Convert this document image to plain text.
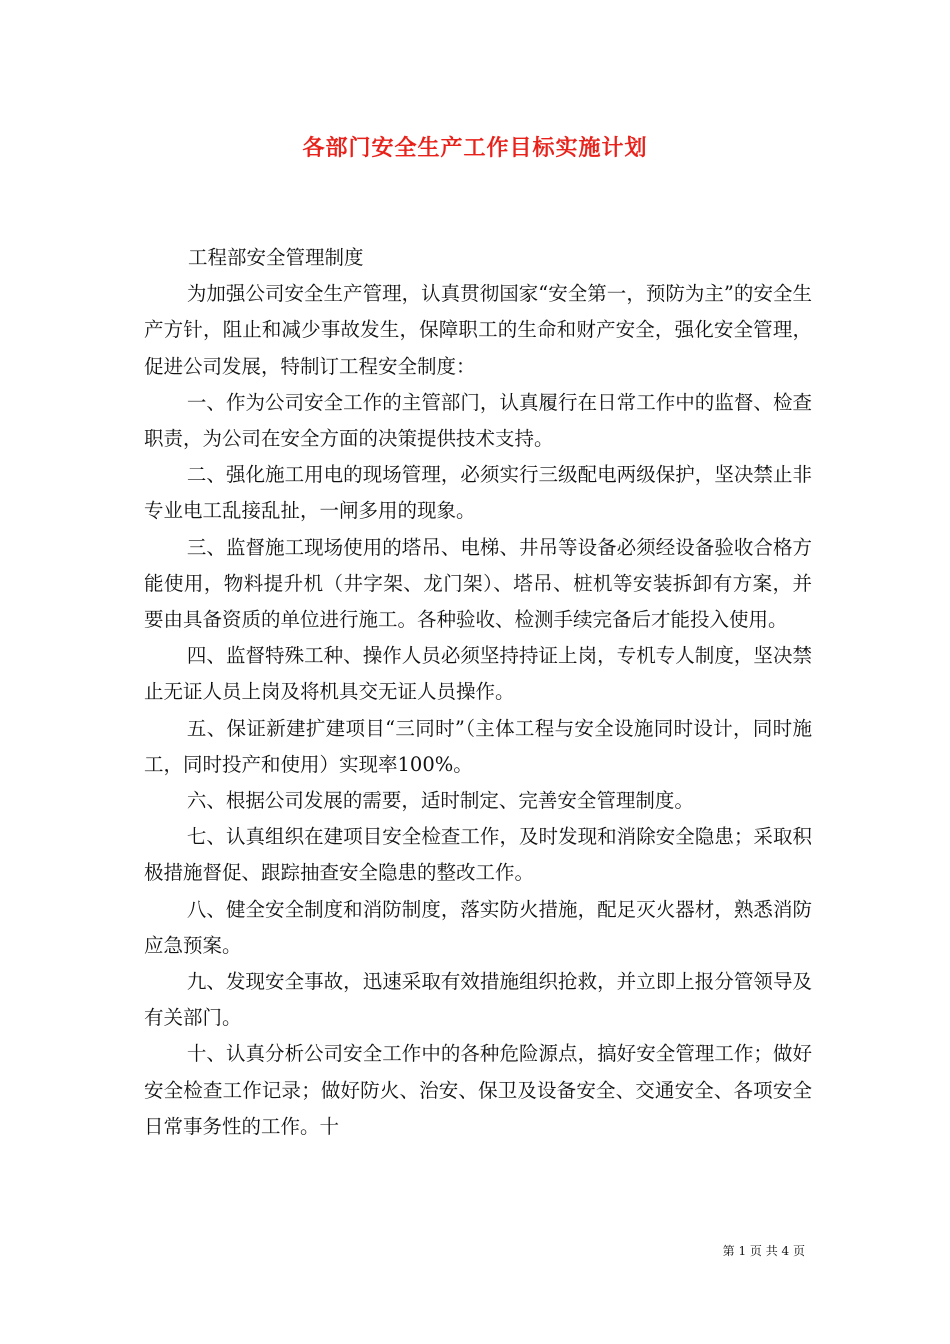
各部门安全生产工作目标实施计划

工程部安全管理制度

为加强公司安全生产管理，认真贯彻国家“安全第一，预防为主”的安全生产方针，阻止和减少事故发生，保障职工的生命和财产安全，强化安全管理，促进公司发展，特制订工程安全制度：

一、作为公司安全工作的主管部门，认真履行在日常工作中的监督、检查职责，为公司在安全方面的决策提供技术支持。

二、强化施工用电的现场管理，必须实行三级配电两级保护，坚决禁止非专业电工乱接乱扯，一闸多用的现象。

三、监督施工现场使用的塔吊、电梯、井吊等设备必须经设备验收合格方能使用，物料提升机（井字架、龙门架）、塔吊、桩机等安装拆卸有方案，并要由具备资质的单位进行施工。各种验收、检测手续完备后才能投入使用。

四、监督特殊工种、操作人员必须坚持持证上岗，专机专人制度，坚决禁止无证人员上岗及将机具交无证人员操作。

五、保证新建扩建项目“三同时”（主体工程与安全设施同时设计，同时施工，同时投产和使用）实现率100%。

六、根据公司发展的需要，适时制定、完善安全管理制度。

七、认真组织在建项目安全检查工作，及时发现和消除安全隐患；采取积极措施督促、跟踪抽查安全隐患的整改工作。

八、健全安全制度和消防制度，落实防火措施，配足灭火器材，熟悉消防应急预案。

九、发现安全事故，迅速采取有效措施组织抢救，并立即上报分管领导及有关部门。

十、认真分析公司安全工作中的各种危险源点，搞好安全管理工作；做好安全检查工作记录；做好防火、治安、保卫及设备安全、交通安全、各项安全日常事务性的工作。十

第 1 页 共 4 页
